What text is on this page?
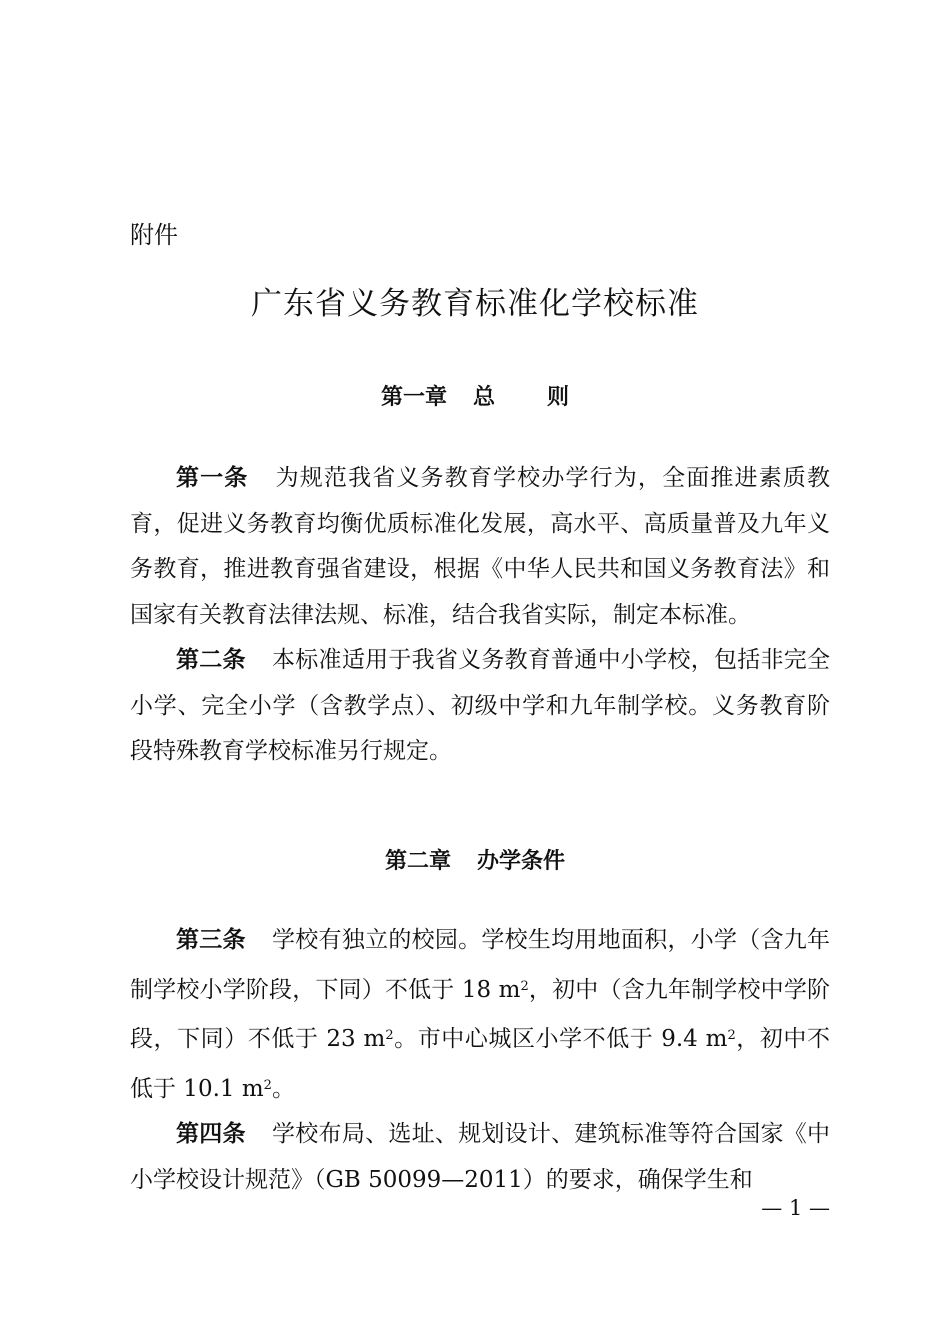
附件
广东省义务教育标准化学校标准
第一章 总 则

第一条 为规范我省义务教育学校办学行为，全面推进素质教育，促进义务教育均衡优质标准化发展，高水平、高质量普及九年义务教育，推进教育强省建设，根据《中华人民共和国义务教育法》和国家有关教育法律法规、标准，结合我省实际，制定本标准。

第二条 本标准适用于我省义务教育普通中小学校，包括非完全小学、完全小学（含教学点）、初级中学和九年制学校。义务教育阶段特殊教育学校标准另行规定。

第二章 办学条件

第三条 学校有独立的校园。学校生均用地面积，小学（含九年制学校小学阶段，下同）不低于 18 $m^2$，初中（含九年制学校中学阶段，下同）不低于 23 $m^2$。市中心城区小学不低于 9.4 $m^2$，初中不低于 10.1 $m^2$。

第四条 学校布局、选址、规划设计、建筑标准等符合国家《中小学校设计规范》（GB 50099—2011）的要求，确保学生和

— 1 —
